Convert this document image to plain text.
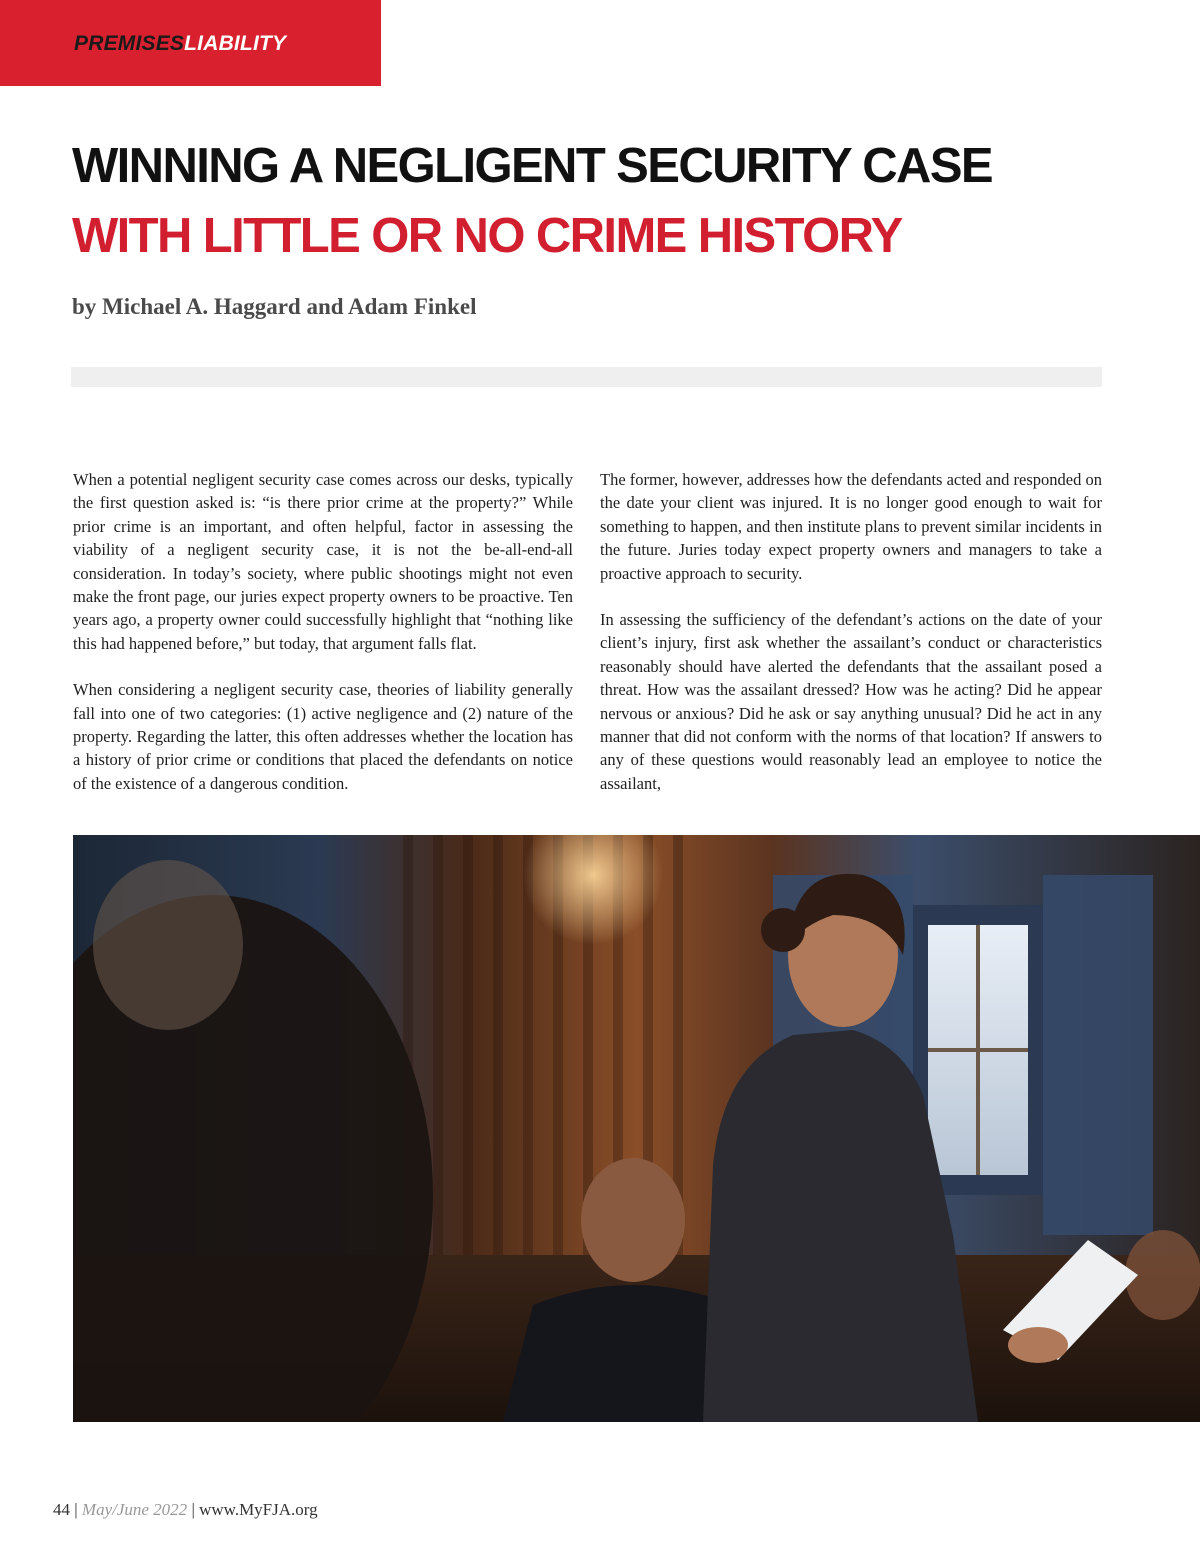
PREMISESLIABILITY
WINNING A NEGLIGENT SECURITY CASE
WITH LITTLE OR NO CRIME HISTORY
by Michael A. Haggard and Adam Finkel

When a potential negligent security case comes across our desks, typically the first question asked is: “is there prior crime at the property?” While prior crime is an important, and often helpful, factor in assessing the viability of a negligent security case, it is not the be-all-end-all consideration. In today’s society, where public shootings might not even make the front page, our juries expect property owners to be proactive. Ten years ago, a property owner could successfully highlight that “nothing like this had happened before,” but today, that argument falls flat.

When considering a negligent security case, theories of liability generally fall into one of two categories: (1) active negligence and (2) nature of the property. Regarding the latter, this often addresses whether the location has a history of prior crime or conditions that placed the defendants on notice of the existence of a dangerous condition.

The former, however, addresses how the defendants acted and responded on the date your client was injured. It is no longer good enough to wait for something to happen, and then institute plans to prevent similar incidents in the future. Juries today expect property owners and managers to take a proactive approach to security.

In assessing the sufficiency of the defendant’s actions on the date of your client’s injury, first ask whether the assailant’s conduct or characteristics reasonably should have alerted the defendants that the assailant posed a threat. How was the assailant dressed? How was he acting? Did he appear nervous or anxious? Did he ask or say anything unusual? Did he act in any manner that did not conform with the norms of that location? If answers to any of these questions would reasonably lead an employee to notice the assailant,

44 | May/June 2022 | www.MyFJA.org
